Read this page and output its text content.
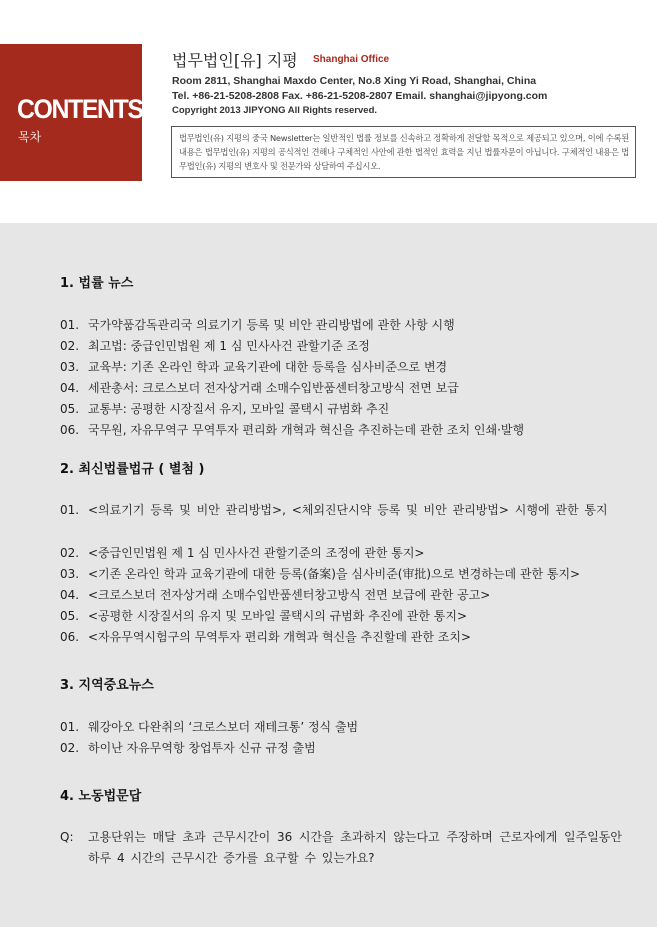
CONTENTS
목차
법무법인[유] 지평 Shanghai Office
Room 2811, Shanghai Maxdo Center, No.8 Xing Yi Road, Shanghai, China
Tel. +86-21-5208-2808 Fax. +86-21-5208-2807 Email. shanghai@jipyong.com
Copyright 2013 JIPYONG All Rights reserved.
법무법인(유) 지평의 중국 Newsletter는 일반적인 법률 정보를 신속하고 정확하게 전달할 목적으로 제공되고 있으며, 이에 수록된 내용은 법무법인(유) 지평의 공식적인 견해나 구체적인 사안에 관한 법적인 효력을 지닌 법률자문이 아닙니다. 구체적인 내용은 법무법인(유) 지평의 변호사 및 전문가와 상담하여 주십시오.
1. 법률 뉴스
01. 국가약품감독관리국 의료기기 등록 및 비안 관리방법에 관한 사항 시행
02. 최고법: 중급인민법원 제 1 심 민사사건 관할기준 조정
03. 교육부: 기존 온라인 학과 교육기관에 대한 등록을 심사비준으로 변경
04. 세관총서: 크로스보더 전자상거래 소매수입반품센터창고방식 전면 보급
05. 교통부: 공평한 시장질서 유지, 모바일 콜택시 규범화 추진
06. 국무원, 자유무역구 무역투자 편리화 개혁과 혁신을 추진하는데 관한 조치 인쇄·발행
2. 최신법률법규 ( 별첨 )
01. <의료기기 등록 및 비안 관리방법>, <체외진단시약 등록 및 비안 관리방법> 시행에 관한 통지
02. <중급인민법원 제 1 심 민사사건 관할기준의 조정에 관한 통지>
03. <기존 온라인 학과 교육기관에 대한 등록(备案)을 심사비준(审批)으로 변경하는데 관한 통지>
04. <크로스보더 전자상거래 소매수입반품센터창고방식 전면 보급에 관한 공고>
05. <공평한 시장질서의 유지 및 모바일 콜택시의 규범화 추진에 관한 통지>
06. <자유무역시험구의 무역투자 편리화 개혁과 혁신을 추진할데 관한 조치>
3. 지역중요뉴스
01. 웨강아오 다완취의 ‘크로스보더 재테크통’ 정식 출범
02. 하이난 자유무역항 창업투자 신규 규정 출범
4. 노동법문답
Q:	고용단위는 매달 초과 근무시간이 36 시간을 초과하지 않는다고 주장하며 근로자에게 일주일동안 하루 4 시간의 근무시간 증가를 요구할 수 있는가요?
